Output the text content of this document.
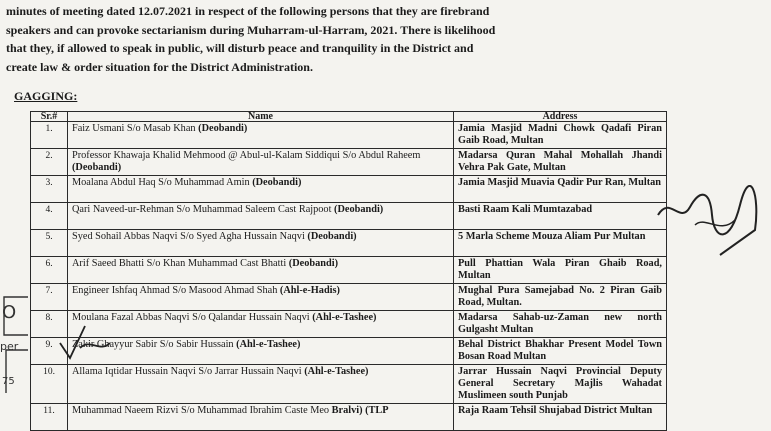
minutes of meeting dated 12.07.2021 in respect of the following persons that they are firebrand

speakers and can provoke sectarianism during Muharram-ul-Harram, 2021. There is likelihood

that they, if allowed to speak in public, will disturb peace and tranquility in the District and

create law & order situation for the District Administration.

GAGGING:
Sr.#	Name	Address
1.	Faiz Usmani S/o Masab Khan (Deobandi)	Jamia Masjid Madni Chowk Qadafi Piran Gaib Road, Multan
2.	Professor Khawaja Khalid Mehmood @ Abul-ul-Kalam Siddiqui S/o Abdul Raheem (Deobandi)	Madarsa Quran Mahal Mohallah Jhandi Vehra Pak Gate, Multan
3.	Moalana Abdul Haq S/o Muhammad Amin (Deobandi)	Jamia Masjid Muavia Qadir Pur Ran, Multan
4.	Qari Naveed-ur-Rehman S/o Muhammad Saleem Cast Rajpoot (Deobandi)	Basti Raam Kali Mumtazabad
5.	Syed Sohail Abbas Naqvi S/o Syed Agha Hussain Naqvi (Deobandi)	5 Marla Scheme Mouza Aliam Pur Multan
6.	Arif Saeed Bhatti S/o Khan Muhammad Cast Bhatti (Deobandi)	Pull Phattian Wala Piran Ghaib Road, Multan
7.	Engineer Ishfaq Ahmad S/o Masood Ahmad Shah (Ahl-e-Hadis)	Mughal Pura Samejabad No. 2 Piran Gaib Road, Multan.
8.	Moulana Fazal Abbas Naqvi S/o Qalandar Hussain Naqvi (Ahl-e-Tashee)	Madarsa Sahab-uz-Zaman new north Gulgasht Multan
9.	Zakir Ghayyur Sabir S/o Sabir Hussain (Ahl-e-Tashee)	Behal District Bhakhar Present Model Town Bosan Road Multan
10.	Allama Iqtidar Hussain Naqvi S/o Jarrar Hussain Naqvi (Ahl-e-Tashee)	Jarrar Hussain Naqvi Provincial Deputy General Secretary Majlis Wahadat Muslimeen south Punjab
11.	Muhammad Naeem Rizvi S/o Muhammad Ibrahim Caste Meo Bralvi) (TLP	Raja Raam Tehsil Shujabad District Multan
O
per
75
